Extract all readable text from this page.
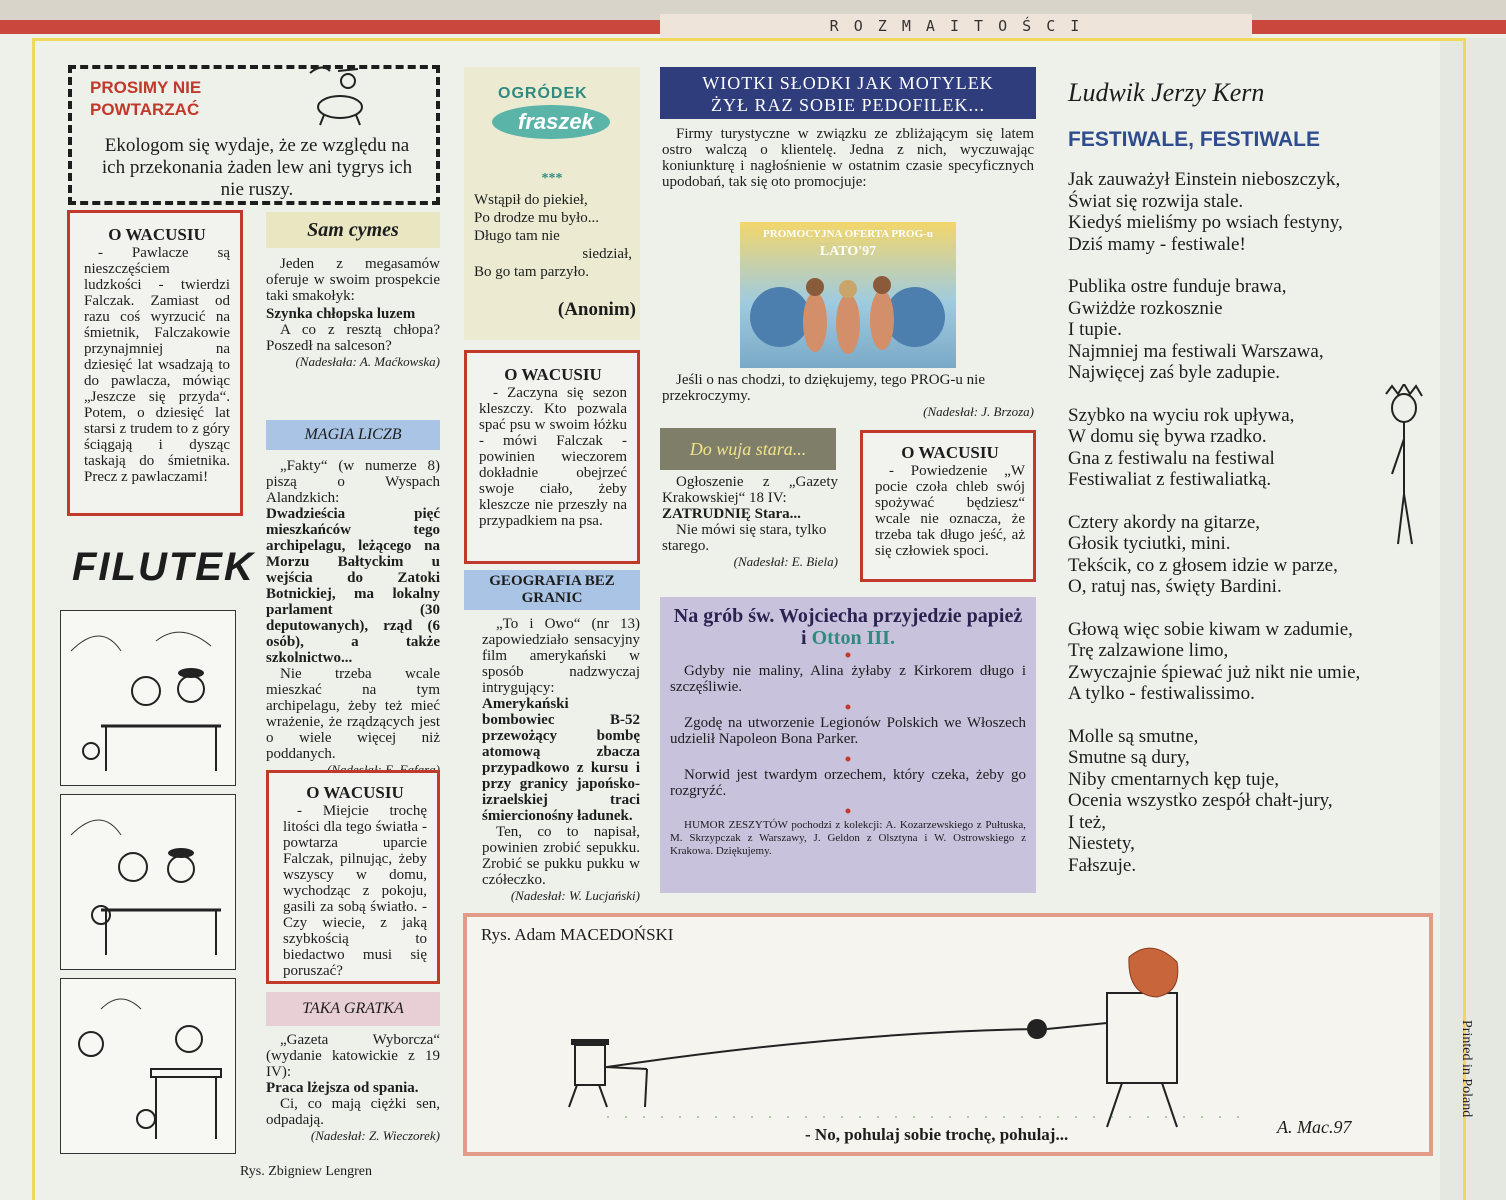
R O Z M A I T O Ś C I
PROSIMY NIE
POWTARZAĆ
Ekologom się wydaje, że ze względu na ich przekonania żaden lew ani tygrys ich nie ruszy.
O WACUSIU
- Pawlacze są nieszczęściem ludzkości - twierdzi Falczak. Zamiast od razu coś wyrzucić na śmietnik, Falczakowie przynajmniej na dziesięć lat wsadzają to do pawlacza, mówiąc „Jeszcze się przyda“. Potem, o dziesięć lat starsi z trudem to z góry ściągają i dysząc taskają do śmietnika. Precz z pawlaczami!
FILUTEK
Rys. Zbigniew Lengren
Sam cymes
Jeden z megasamów oferuje w swoim prospekcie taki smakołyk:
Szynka chłopska luzem
A co z resztą chłopa? Poszedł na salceson?
(Nadesłała: A. Maćkowska)
MAGIA LICZB
„Fakty“ (w numerze 8) piszą o Wyspach Alandzkich:
Dwadzieścia pięć mieszkańców tego archipelagu, leżącego na Morzu Bałtyckim u wejścia do Zatoki Botnickiej, ma lokalny parlament (30 deputowanych), rząd (6 osób), a także szkolnictwo...
Nie trzeba wcale mieszkać na tym archipelagu, żeby też mieć wrażenie, że rządzących jest o wiele więcej niż poddanych.
O WACUSIU
- Miejcie trochę litości dla tego światła - powtarza uparcie Falczak, pilnując, żeby wszyscy w domu, wychodząc z pokoju, gasili za sobą światło. - Czy wiecie, z jaką szybkością to biedactwo musi się poruszać?
TAKA GRATKA
„Gazeta Wyborcza“ (wydanie katowickie z 19 IV):
Praca lżejsza od spania.
Ci, co mają ciężki sen, odpadają.
(Nadesłał: Z. Wieczorek)
OGRÓDEK
fraszek
***
Wstąpił do piekieł,
Po drodze mu było...
Długo tam nie
siedział,
Bo go tam parzyło.
(Anonim)
O WACUSIU
- Zaczyna się sezon kleszczy. Kto pozwala spać psu w swoim łóżku - mówi Falczak - powinien wieczorem dokładnie obejrzeć swoje ciało, żeby kleszcze nie przeszły na przypadkiem na psa.
GEOGRAFIA BEZ GRANIC
„To i Owo“ (nr 13) zapowiedziało sensacyjny film amerykański w sposób nadzwyczaj intrygujący:
Amerykański bombowiec B-52 przewożący bombę atomową zbacza przypadkowo z kursu i przy granicy japońsko-izraelskiej traci śmiercionośny ładunek.
Ten, co to napisał, powinien zrobić sepukku. Zrobić se pukku pukku w czółeczko.
(Nadesłał: W. Lucjański)
WIOTKI SŁODKI JAK MOTYLEK
ŻYŁ RAZ SOBIE PEDOFILEK...
Firmy turystyczne w związku ze zbliżającym się latem ostro walczą o klientelę. Jedna z nich, wyczuwając koniunkturę i nagłośnienie w ostatnim czasie specyficznych upodobań, tak się oto promocjuje:
PROMOCYJNA OFERTA PROG-u
LATO'97
Jeśli o nas chodzi, to dziękujemy, tego PROG-u nie przekroczymy.
(Nadesłał: J. Brzoza)
Do wuja stara...
Ogłoszenie z „Gazety Krakowskiej“ 18 IV:
ZATRUDNIĘ Stara...
Nie mówi się stara, tylko starego.
(Nadesłał: E. Biela)
O WACUSIU
- Powiedzenie „W pocie czoła chleb swój spożywać będziesz“ wcale nie oznacza, że trzeba tak długo jeść, aż się człowiek spoci.
Na grób św. Wojciecha przyjedzie papież i Otton III.
•
Gdyby nie maliny, Alina żyłaby z Kirkorem długo i szczęśliwie.
•
Zgodę na utworzenie Legionów Polskich we Włoszech udzielił Napoleon Bona Parker.
•
Norwid jest twardym orzechem, który czeka, żeby go rozgryźć.
•
HUMOR ZESZYTÓW pochodzi z kolekcji: A. Kozarzewskiego z Pułtuska, M. Skrzypczak z Warszawy, J. Geldon z Olsztyna i W. Ostrowskiego z Krakowa. Dziękujemy.
Ludwik Jerzy Kern
FESTIWALE, FESTIWALE
Jak zauważył Einstein nieboszczyk,
Świat się rozwija stale.
Kiedyś mieliśmy po wsiach festyny,
Dziś mamy - festiwale!
Publika ostre funduje brawa,
Gwiżdże rozkosznie
I tupie.
Najmniej ma festiwali Warszawa,
Najwięcej zaś byle zadupie.
Szybko na wyciu rok upływa,
W domu się bywa rzadko.
Gna z festiwalu na festiwal
Festiwaliat z festiwaliatką.
Cztery akordy na gitarze,
Głosik tyciutki, mini.
Tekścik, co z głosem idzie w parze,
O, ratuj nas, święty Bardini.
Głową więc sobie kiwam w zadumie,
Trę zalzawione limo,
Zwyczajnie śpiewać już nikt nie umie,
A tylko - festiwalissimo.
Molle są smutne,
Smutne są dury,
Niby cmentarnych kęp tuje,
Ocenia wszystko zespół chałt-jury,
I też,
Niestety,
Fałszuje.
Rys. Adam MACEDOŃSKI
- No, pohulaj sobie trochę, pohulaj...	A. Mac.97
Printed in Poland
